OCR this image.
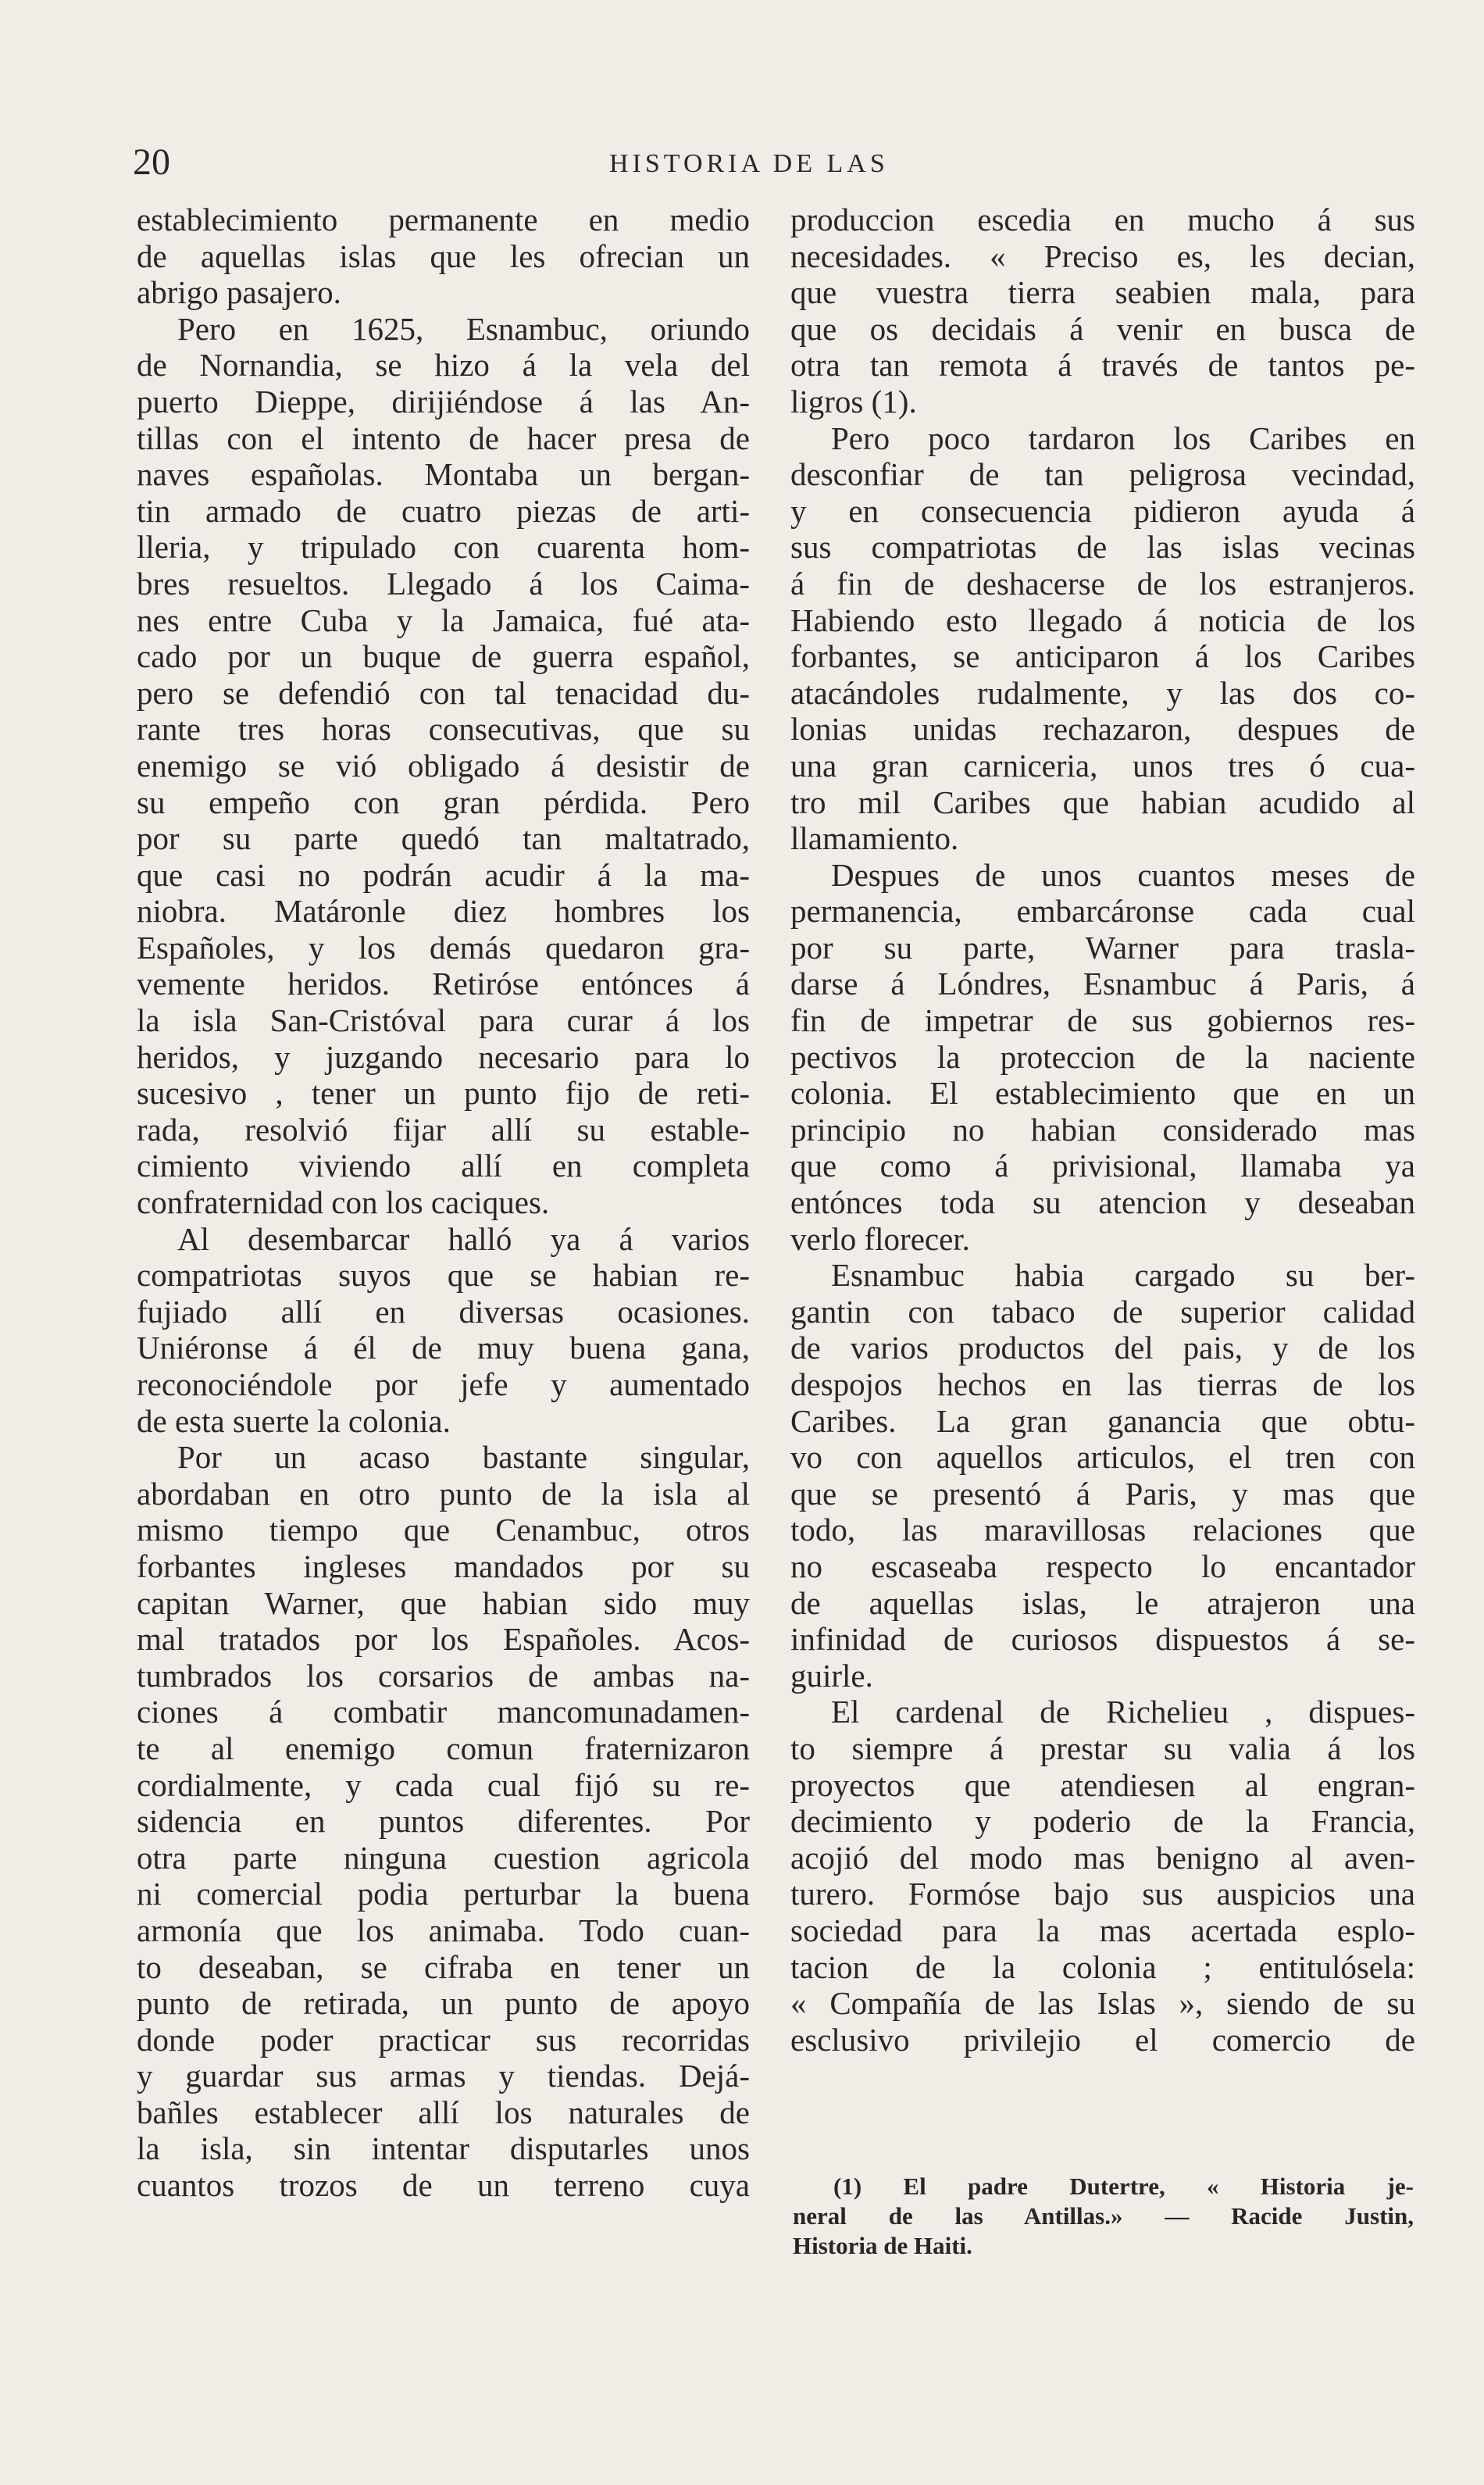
20	HISTORIA DE LAS
establecimiento permanente en medio
de aquellas islas que les ofrecian un
abrigo pasajero.
Pero en 1625, Esnambuc, oriundo
de Nornandia, se hizo á la vela del
puerto Dieppe, dirijiéndose á las An-
tillas con el intento de hacer presa de
naves españolas. Montaba un bergan-
tin armado de cuatro piezas de arti-
lleria, y tripulado con cuarenta hom-
bres resueltos. Llegado á los Caima-
nes entre Cuba y la Jamaica, fué ata-
cado por un buque de guerra español,
pero se defendió con tal tenacidad du-
rante tres horas consecutivas, que su
enemigo se vió obligado á desistir de
su empeño con gran pérdida. Pero
por su parte quedó tan maltatrado,
que casi no podrán acudir á la ma-
niobra. Matáronle diez hombres los
Españoles, y los demás quedaron gra-
vemente heridos. Retiróse entónces á
la isla San-Cristóval para curar á los
heridos, y juzgando necesario para lo
sucesivo , tener un punto fijo de reti-
rada, resolvió fijar allí su estable-
cimiento viviendo allí en completa
confraternidad con los caciques.
Al desembarcar halló ya á varios
compatriotas suyos que se habian re-
fujiado allí en diversas ocasiones.
Uniéronse á él de muy buena gana,
reconociéndole por jefe y aumentado
de esta suerte la colonia.
Por un acaso bastante singular,
abordaban en otro punto de la isla al
mismo tiempo que Cenambuc, otros
forbantes ingleses mandados por su
capitan Warner, que habian sido muy
mal tratados por los Españoles. Acos-
tumbrados los corsarios de ambas na-
ciones á combatir mancomunadamen-
te al enemigo comun fraternizaron
cordialmente, y cada cual fijó su re-
sidencia en puntos diferentes. Por
otra parte ninguna cuestion agricola
ni comercial podia perturbar la buena
armonía que los animaba. Todo cuan-
to deseaban, se cifraba en tener un
punto de retirada, un punto de apoyo
donde poder practicar sus recorridas
y guardar sus armas y tiendas. Dejá-
bañles establecer allí los naturales de
la isla, sin intentar disputarles unos
cuantos trozos de un terreno cuya
produccion escedia en mucho á sus
necesidades. « Preciso es, les decian,
que vuestra tierra seabien mala, para
que os decidais á venir en busca de
otra tan remota á través de tantos pe-
ligros (1).
Pero poco tardaron los Caribes en
desconfiar de tan peligrosa vecindad,
y en consecuencia pidieron ayuda á
sus compatriotas de las islas vecinas
á fin de deshacerse de los estranjeros.
Habiendo esto llegado á noticia de los
forbantes, se anticiparon á los Caribes
atacándoles rudalmente, y las dos co-
lonias unidas rechazaron, despues de
una gran carniceria, unos tres ó cua-
tro mil Caribes que habian acudido al
llamamiento.
Despues de unos cuantos meses de
permanencia, embarcáronse cada cual
por su parte, Warner para trasla-
darse á Lóndres, Esnambuc á Paris, á
fin de impetrar de sus gobiernos res-
pectivos la proteccion de la naciente
colonia. El establecimiento que en un
principio no habian considerado mas
que como á privisional, llamaba ya
entónces toda su atencion y deseaban
verlo florecer.
Esnambuc habia cargado su ber-
gantin con tabaco de superior calidad
de varios productos del pais, y de los
despojos hechos en las tierras de los
Caribes. La gran ganancia que obtu-
vo con aquellos articulos, el tren con
que se presentó á Paris, y mas que
todo, las maravillosas relaciones que
no escaseaba respecto lo encantador
de aquellas islas, le atrajeron una
infinidad de curiosos dispuestos á se-
guirle.
El cardenal de Richelieu , dispues-
to siempre á prestar su valia á los
proyectos que atendiesen al engran-
decimiento y poderio de la Francia,
acojió del modo mas benigno al aven-
turero. Formóse bajo sus auspicios una
sociedad para la mas acertada esplo-
tacion de la colonia ; entitulósela:
« Compañía de las Islas », siendo de su
esclusivo privilejio el comercio de
(1) El padre Dutertre, « Historia je-
neral de las Antillas.» — Racide Justin,
Historia de Haiti.
